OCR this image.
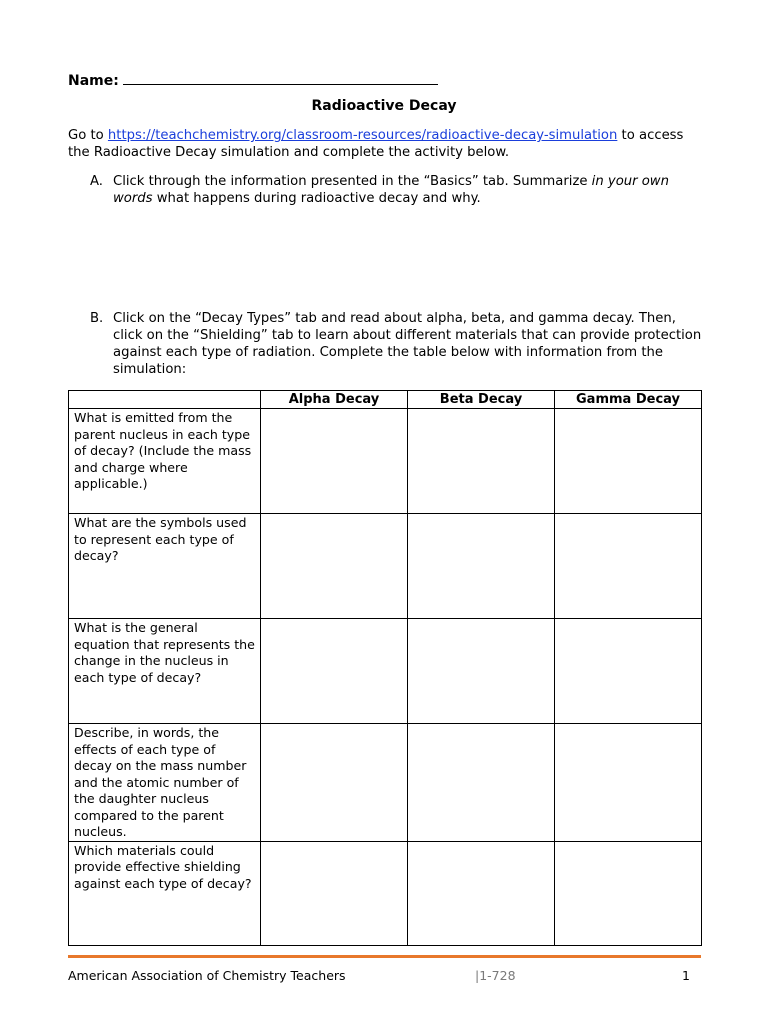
Name:
Radioactive Decay
Go to https://teachchemistry.org/classroom-resources/radioactive-decay-simulation to access the Radioactive Decay simulation and complete the activity below.
A. Click through the information presented in the “Basics” tab. Summarize in your own words what happens during radioactive decay and why.
B. Click on the “Decay Types” tab and read about alpha, beta, and gamma decay. Then, click on the “Shielding” tab to learn about different materials that can provide protection against each type of radiation. Complete the table below with information from the simulation:
	Alpha Decay	Beta Decay	Gamma Decay
What is emitted from the parent nucleus in each type of decay? (Include the mass and charge where applicable.)			
What are the symbols used to represent each type of decay?			
What is the general equation that represents the change in the nucleus in each type of decay?			
Describe, in words, the effects of each type of decay on the mass number and the atomic number of the daughter nucleus compared to the parent nucleus.			
Which materials could provide effective shielding against each type of decay?			
American Association of Chemistry Teachers	|1-728	1
